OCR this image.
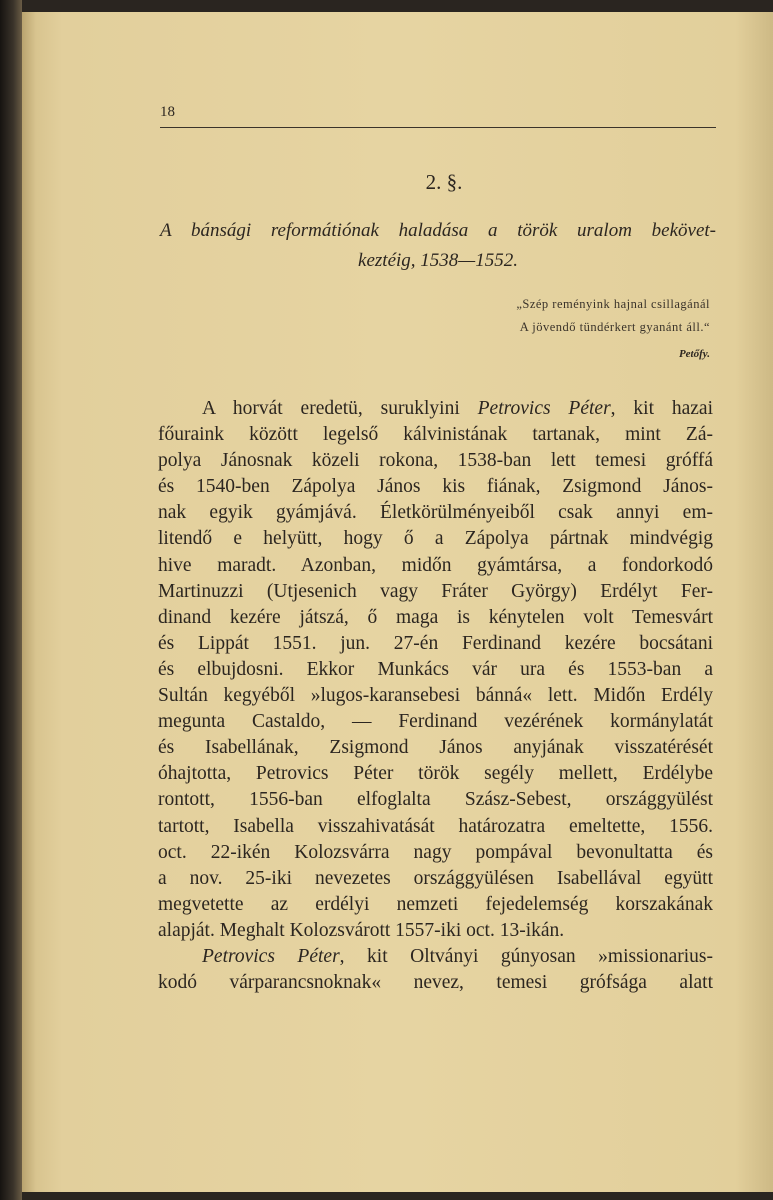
18
2. §.
A bánsági reformátiónak haladása a török uralom bekövet-
keztéig, 1538—1552.
„Szép reményink hajnal csillagánál
A jövendő tündérkert gyanánt áll.“
Petőfy.
A horvát eredetü, suruklyini Petrovics Péter, kit hazai
főuraink között legelső kálvinistának tartanak, mint Zá-
polya Jánosnak közeli rokona, 1538-ban lett temesi gróffá
és 1540-ben Zápolya János kis fiának, Zsigmond János-
nak egyik gyámjává. Életkörülményeiből csak annyi em-
litendő e helyütt, hogy ő a Zápolya pártnak mindvégig
hive maradt. Azonban, midőn gyámtársa, a fondorkodó
Martinuzzi (Utjesenich vagy Fráter György) Erdélyt Fer-
dinand kezére játszá, ő maga is kénytelen volt Temesvárt
és Lippát 1551. jun. 27-én Ferdinand kezére bocsátani
és elbujdosni. Ekkor Munkács vár ura és 1553-ban a
Sultán kegyéből »lugos-karansebesi bánná« lett. Midőn Erdély
megunta Castaldo, — Ferdinand vezérének kormánylatát
és Isabellának, Zsigmond János anyjának visszatérését
óhajtotta, Petrovics Péter török segély mellett, Erdélybe
rontott, 1556-ban elfoglalta Szász-Sebest, országgyülést
tartott, Isabella visszahivatását határozatra emeltette, 1556.
oct. 22-ikén Kolozsvárra nagy pompával bevonultatta és
a nov. 25-iki nevezetes országgyülésen Isabellával együtt
megvetette az erdélyi nemzeti fejedelemség korszakának
alapját. Meghalt Kolozsvárott 1557-iki oct. 13-ikán.
Petrovics Péter, kit Oltványi gúnyosan »missionarius-
kodó várparancsnoknak« nevez, temesi grófsága alatt
